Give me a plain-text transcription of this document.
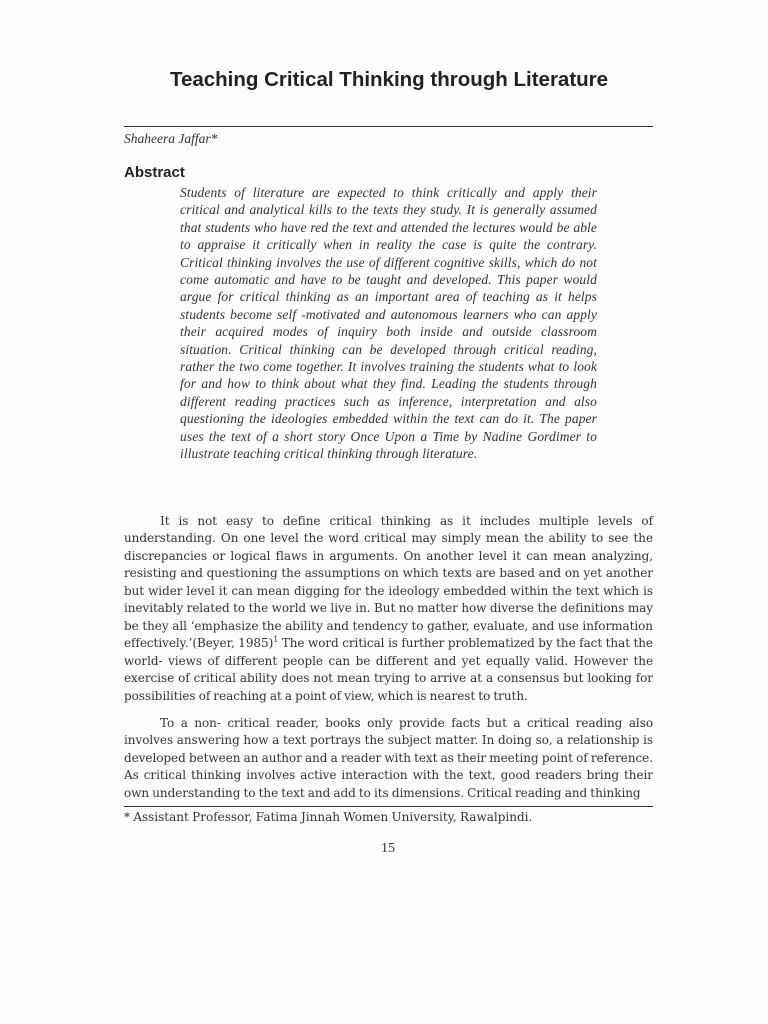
Teaching Critical Thinking through Literature
Shaheera Jaffar*
Abstract
Students of literature are expected to think critically and apply their critical and analytical kills to the texts they study. It is generally assumed that students who have red the text and attended the lectures would be able to appraise it critically when in reality the case is quite the contrary. Critical thinking involves the use of different cognitive skills, which do not come automatic and have to be taught and developed. This paper would argue for critical thinking as an important area of teaching as it helps students become self -motivated and autonomous learners who can apply their acquired modes of inquiry both inside and outside classroom situation. Critical thinking can be developed through critical reading, rather the two come together. It involves training the students what to look for and how to think about what they find. Leading the students through different reading practices such as inference, interpretation and also questioning the ideologies embedded within the text can do it. The paper uses the text of a short story Once Upon a Time by Nadine Gordimer to illustrate teaching critical thinking through literature.
It is not easy to define critical thinking as it includes multiple levels of understanding. On one level the word critical may simply mean the ability to see the discrepancies or logical flaws in arguments. On another level it can mean analyzing, resisting and questioning the assumptions on which texts are based and on yet another but wider level it can mean digging for the ideology embedded within the text which is inevitably related to the world we live in. But no matter how diverse the definitions may be they all ‘emphasize the ability and tendency to gather, evaluate, and use information effectively.’(Beyer, 1985)$^1$ The word critical is further problematized by the fact that the world- views of different people can be different and yet equally valid. However the exercise of critical ability does not mean trying to arrive at a consensus but looking for possibilities of reaching at a point of view, which is nearest to truth.
To a non- critical reader, books only provide facts but a critical reading also involves answering how a text portrays the subject matter. In doing so, a relationship is developed between an author and a reader with text as their meeting point of reference. As critical thinking involves active interaction with the text, good readers bring their own understanding to the text and add to its dimensions. Critical reading and thinking
* Assistant Professor, Fatima Jinnah Women University, Rawalpindi.
15
